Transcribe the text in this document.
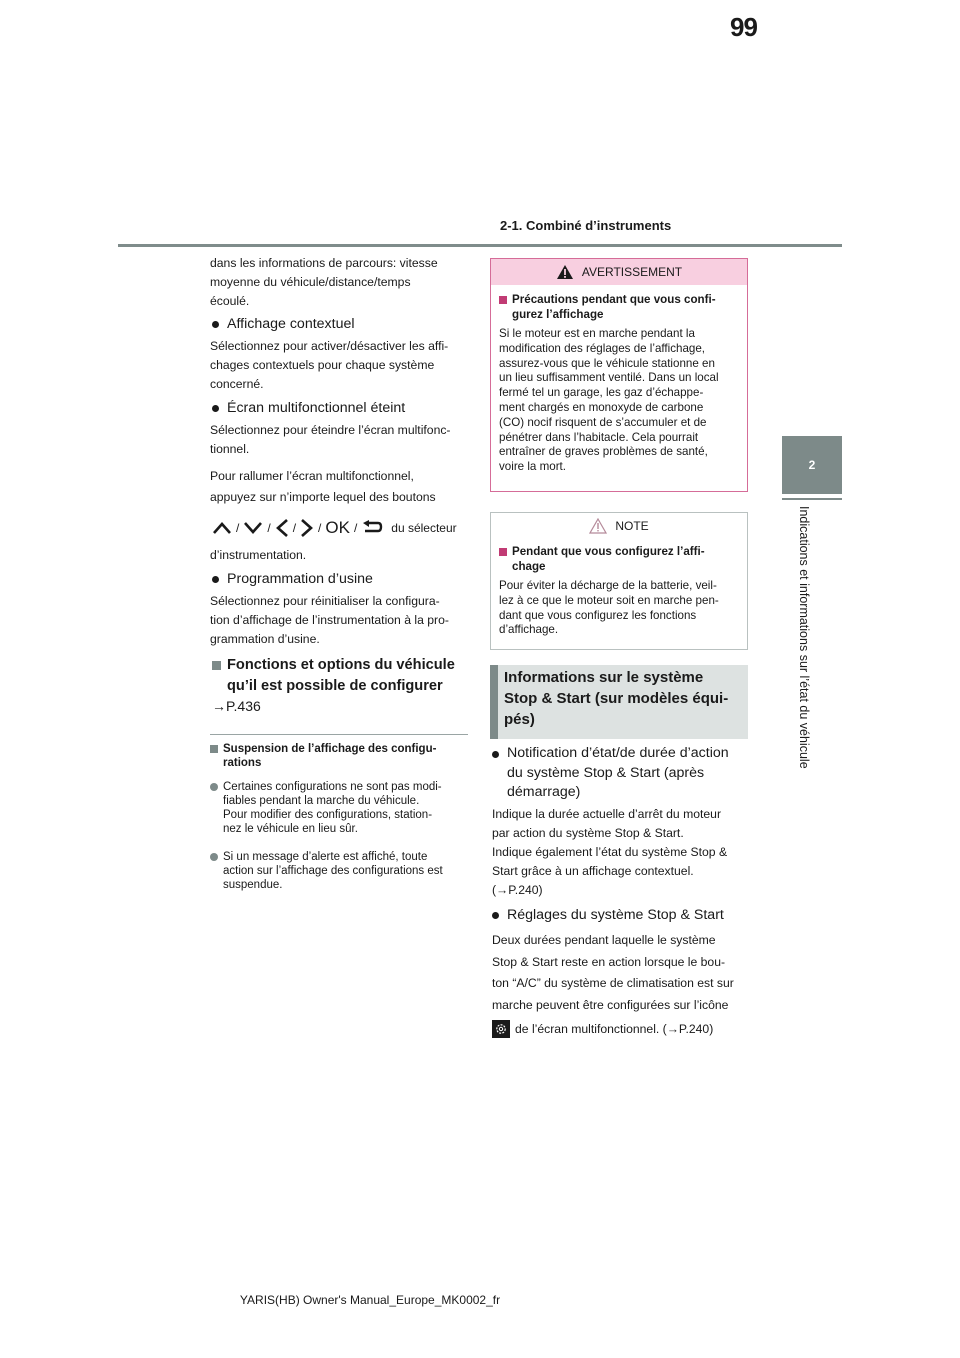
99
2-1. Combiné d’instruments
2
Indications et informations sur l’état du véhicule

dans les informations de parcours: vitesse

moyenne du véhicule/distance/temps

écoulé.

Affichage contextuel

Sélectionnez pour activer/désactiver les affi-

chages contextuels pour chaque système

concerné.

Écran multifonctionnel éteint

Sélectionnez pour éteindre l’écran multifonc-

tionnel.

Pour rallumer l’écran multifonctionnel,

appuyez sur n’importe lequel des boutons

/ / / / OK /	du sélecteur

d’instrumentation.

Programmation d’usine

Sélectionnez pour réinitialiser la configura-

tion d’affichage de l’instrumentation à la pro-

grammation d’usine.

Fonctions et options du véhicule
qu’il est possible de configurer
→P.436
Suspension de l’affichage des configu-
rations
Certaines configurations ne sont pas modi-
fiables pendant la marche du véhicule.
Pour modifier des configurations, station-
nez le véhicule en lieu sûr.
Si un message d’alerte est affiché, toute
action sur l’affichage des configurations est
suspendue.
AVERTISSEMENT
Précautions pendant que vous confi-
gurez l’affichage

Si le moteur est en marche pendant la

modification des réglages de l’affichage,

assurez-vous que le véhicule stationne en

un lieu suffisamment ventilé. Dans un local

fermé tel un garage, les gaz d’échappe-

ment chargés en monoxyde de carbone

(CO) nocif risquent de s’accumuler et de

pénétrer dans l’habitacle. Cela pourrait

entraîner de graves problèmes de santé,

voire la mort.

NOTE
Pendant que vous configurez l’affi-
chage

Pour éviter la décharge de la batterie, veil-

lez à ce que le moteur soit en marche pen-

dant que vous configurez les fonctions

d’affichage.

Informations sur le système
Stop & Start (sur modèles équi-
pés)
Notification d’état/de durée d’action
du système Stop & Start (après
démarrage)

Indique la durée actuelle d’arrêt du moteur

par action du système Stop & Start.

Indique également l’état du système Stop &

Start grâce à un affichage contextuel.

(→P.240)

Réglages du système Stop & Start

Deux durées pendant laquelle le système

Stop & Start reste en action lorsque le bou-

ton “A/C” du système de climatisation est sur

marche peuvent être configurées sur l’icône

de l’écran multifonctionnel. (→P.240)
YARIS(HB) Owner's Manual_Europe_MK0002_fr
